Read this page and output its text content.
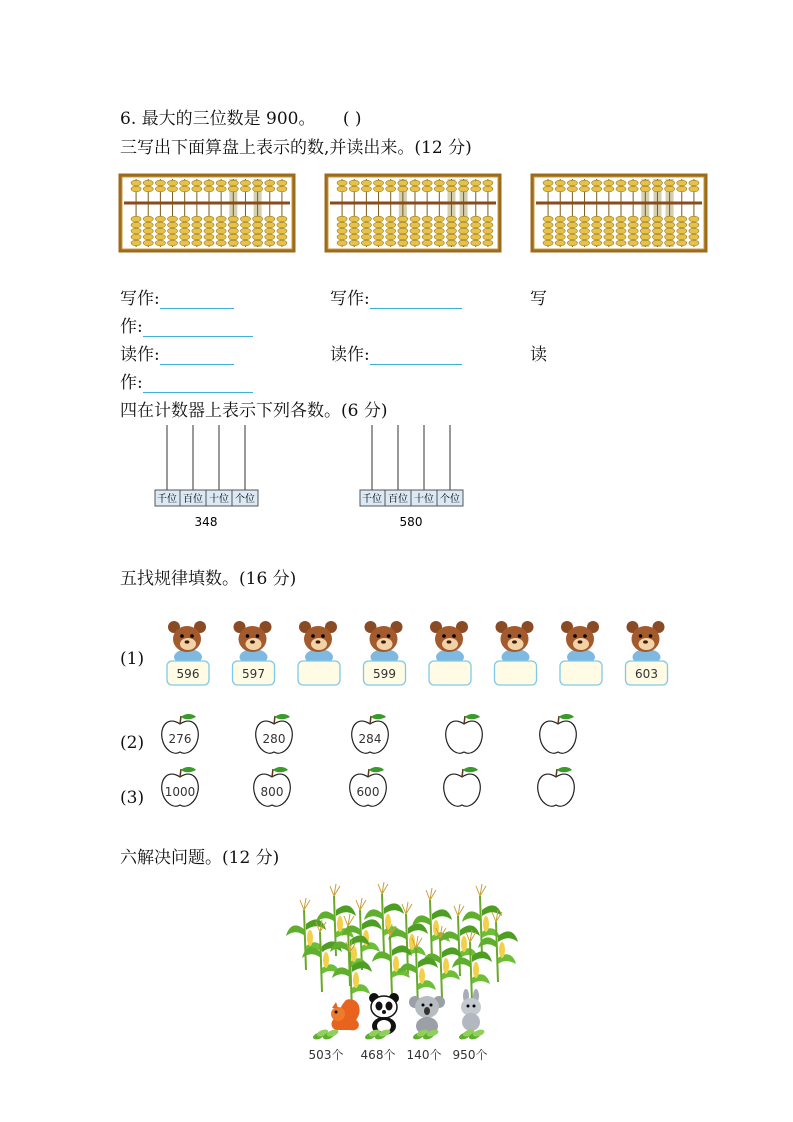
6. 最大的三位数是 900。 ( )
三写出下面算盘上表示的数,并读出来。(12 分)
写作:	写作:	写
作:
读作:	读作:	读
作:
四在计数器上表示下列各数。(6 分)
千位 百位 十位 个位
348
千位 百位 十位 个位
580
五找规律填数。(16 分)
(1)
596	597	599	603
(2) 276	280	284
(3) 1000	800	600
六解决问题。(12 分)
503个 468个 140个 950个
